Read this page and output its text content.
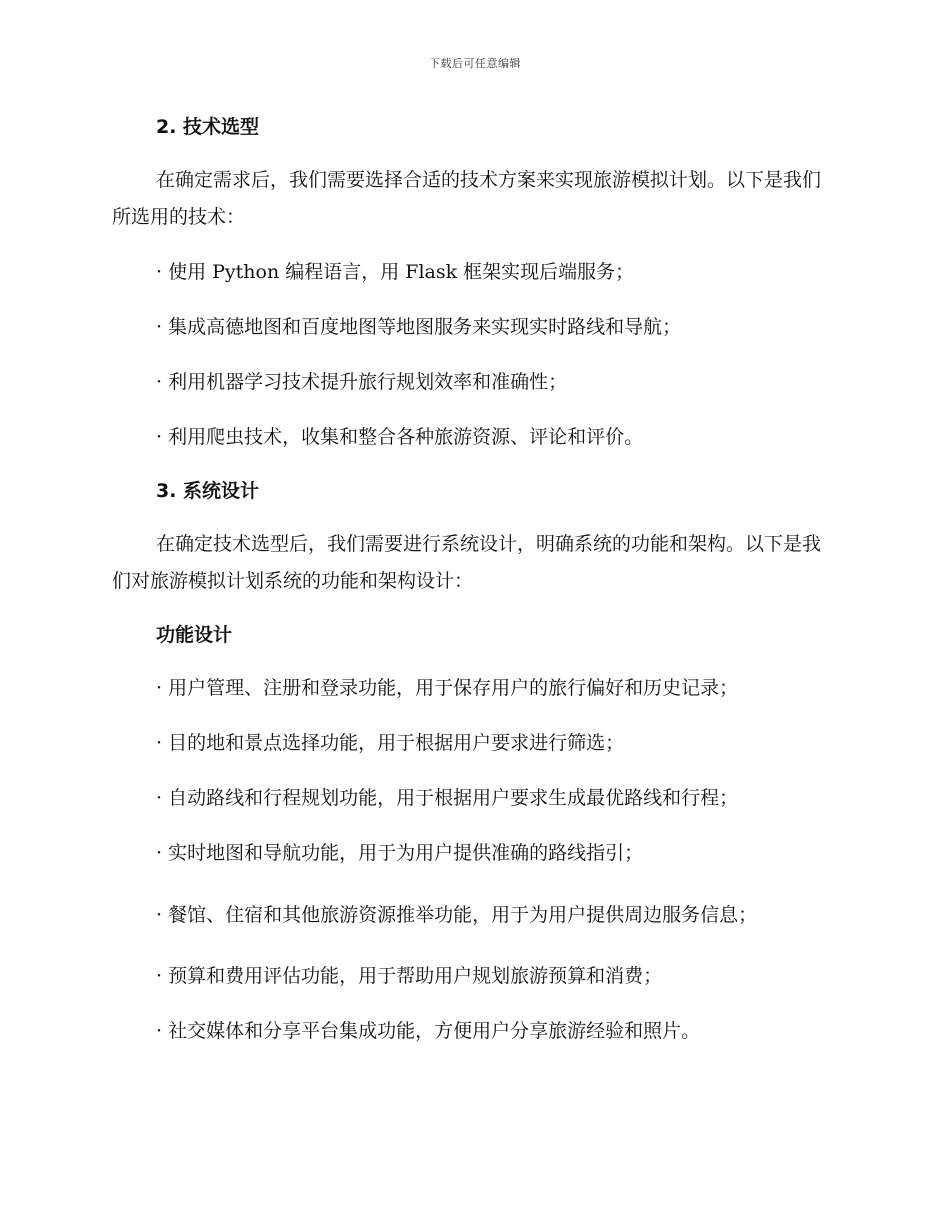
下载后可任意编辑
2. 技术选型

在确定需求后，我们需要选择合适的技术方案来实现旅游模拟计划。以下是我们所选用的技术：

· 使用 Python 编程语言，用 Flask 框架实现后端服务；

· 集成高德地图和百度地图等地图服务来实现实时路线和导航；

· 利用机器学习技术提升旅行规划效率和准确性；

· 利用爬虫技术，收集和整合各种旅游资源、评论和评价。

3. 系统设计

在确定技术选型后，我们需要进行系统设计，明确系统的功能和架构。以下是我们对旅游模拟计划系统的功能和架构设计：

功能设计

· 用户管理、注册和登录功能，用于保存用户的旅行偏好和历史记录；

· 目的地和景点选择功能，用于根据用户要求进行筛选；

· 自动路线和行程规划功能，用于根据用户要求生成最优路线和行程；

· 实时地图和导航功能，用于为用户提供准确的路线指引；

· 餐馆、住宿和其他旅游资源推举功能，用于为用户提供周边服务信息；

· 预算和费用评估功能，用于帮助用户规划旅游预算和消费；

· 社交媒体和分享平台集成功能，方便用户分享旅游经验和照片。
